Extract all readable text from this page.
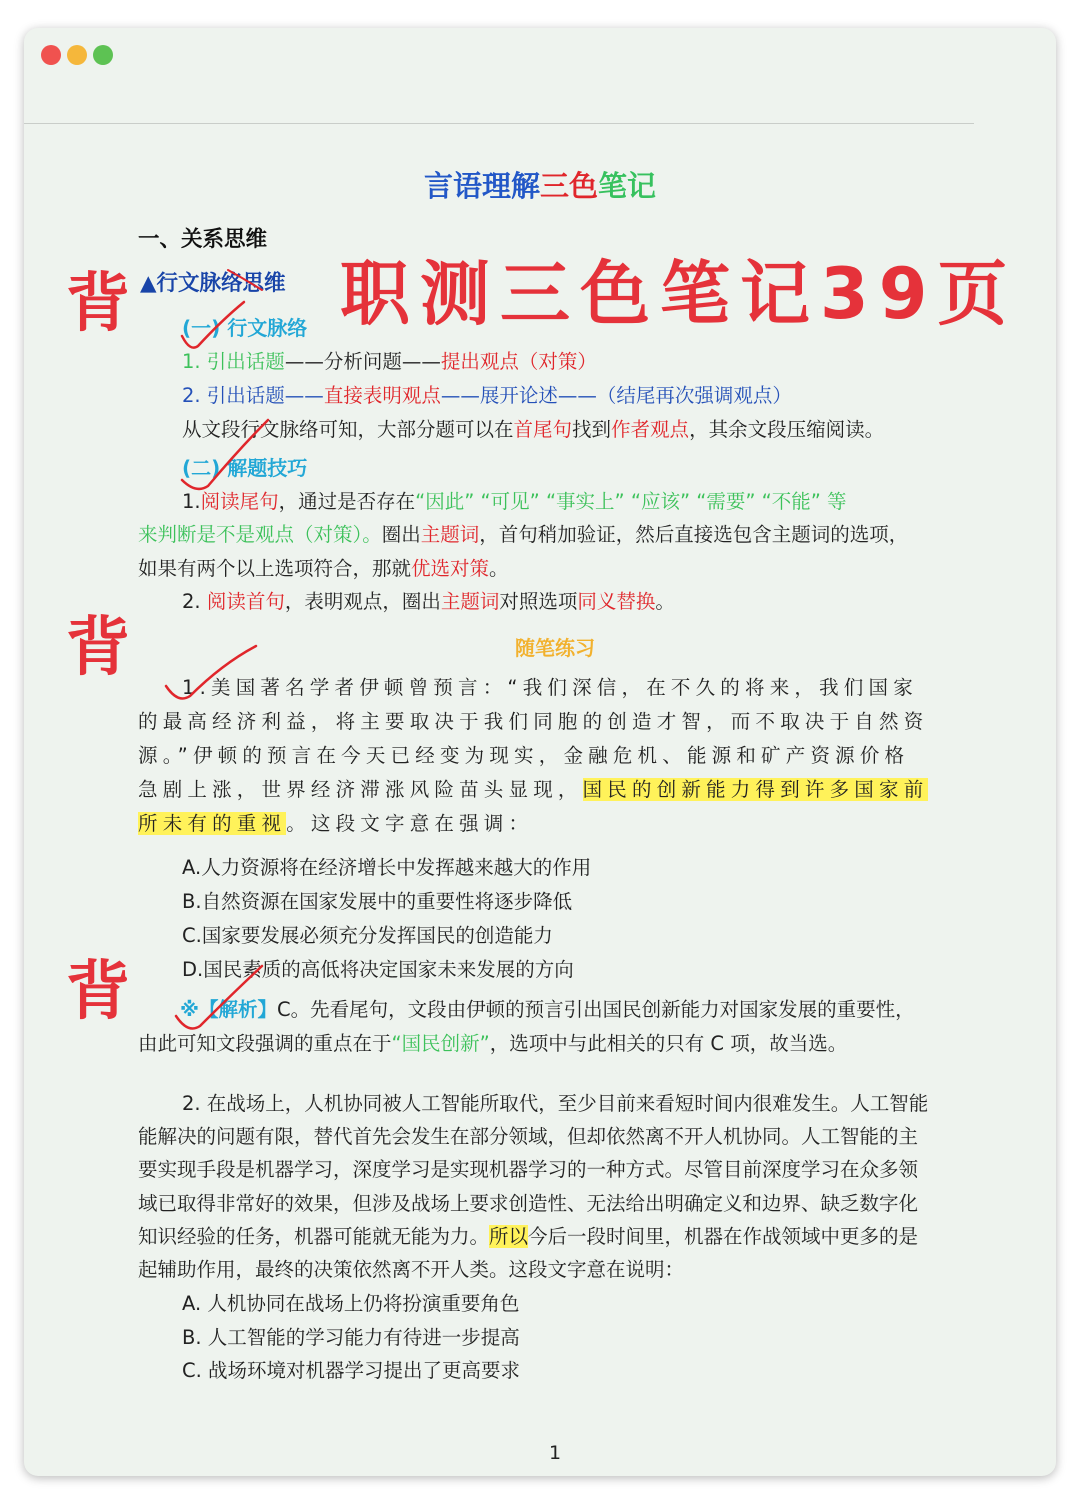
言语理解三色笔记
一、关系思维
▲行文脉络思维
(一) 行文脉络
1. 引出话题——分析问题——提出观点（对策）
2. 引出话题——直接表明观点——展开论述——（结尾再次强调观点）
从文段行文脉络可知，大部分题可以在首尾句找到作者观点，其余文段压缩阅读。
(二) 解题技巧
1.阅读尾句，通过是否存在“因此” “可见” “事实上” “应该” “需要” “不能” 等
来判断是不是观点（对策）。圈出主题词，首句稍加验证，然后直接选包含主题词的选项，
如果有两个以上选项符合，那就优选对策。
2. 阅读首句，表明观点，圈出主题词对照选项同义替换。
随笔练习
1.美国著名学者伊顿曾预言：“我们深信，在不久的将来，我们国家
的最高经济利益，将主要取决于我们同胞的创造才智，而不取决于自然资
源。”伊顿的预言在今天已经变为现实，金融危机、能源和矿产资源价格
急剧上涨，世界经济滞涨风险苗头显现，国民的创新能力得到许多国家前
所未有的重视。这段文字意在强调：
A.人力资源将在经济增长中发挥越来越大的作用
B.自然资源在国家发展中的重要性将逐步降低
C.国家要发展必须充分发挥国民的创造能力
D.国民素质的高低将决定国家未来发展的方向
※【解析】C。先看尾句，文段由伊顿的预言引出国民创新能力对国家发展的重要性，
由此可知文段强调的重点在于“国民创新”，选项中与此相关的只有 C 项，故当选。
2. 在战场上，人机协同被人工智能所取代，至少目前来看短时间内很难发生。人工智能
能解决的问题有限，替代首先会发生在部分领域，但却依然离不开人机协同。人工智能的主
要实现手段是机器学习，深度学习是实现机器学习的一种方式。尽管目前深度学习在众多领
域已取得非常好的效果，但涉及战场上要求创造性、无法给出明确定义和边界、缺乏数字化
知识经验的任务，机器可能就无能为力。所以今后一段时间里，机器在作战领域中更多的是
起辅助作用，最终的决策依然离不开人类。这段文字意在说明：
A. 人机协同在战场上仍将扮演重要角色
B. 人工智能的学习能力有待进一步提高
C. 战场环境对机器学习提出了更高要求
1
职测三色笔记39页
背
背
背
